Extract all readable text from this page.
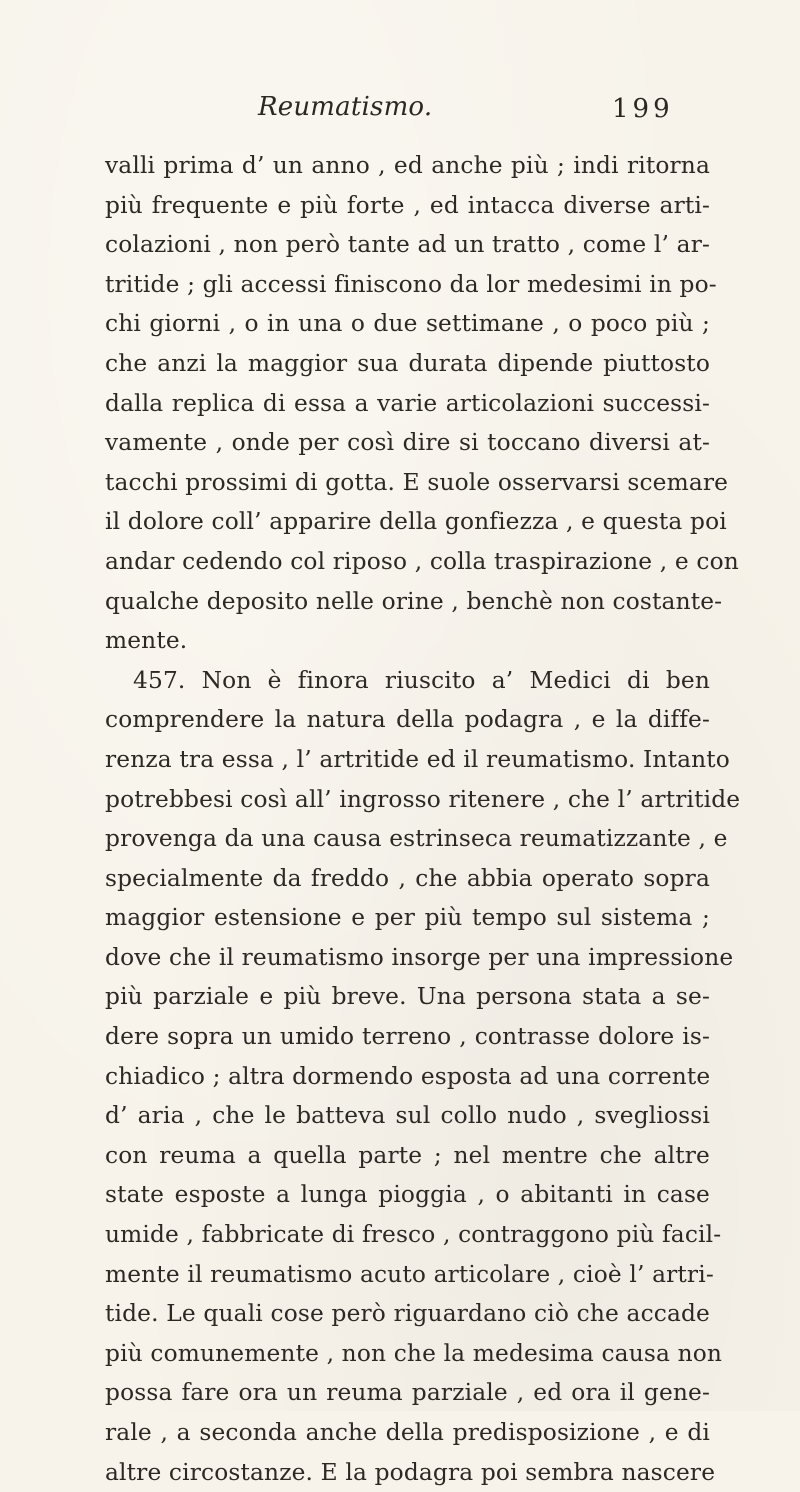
Reumatismo.	199
valli prima d’ un anno , ed anche più ; indi ritorna
più frequente e più forte , ed intacca diverse arti-
colazioni , non però tante ad un tratto , come l’ ar-
tritide ; gli accessi finiscono da lor medesimi in po-
chi giorni , o in una o due settimane , o poco più ;
che anzi la maggior sua durata dipende piuttosto
dalla replica di essa a varie articolazioni successi-
vamente , onde per così dire si toccano diversi at-
tacchi prossimi di gotta. E suole osservarsi scemare
il dolore coll’ apparire della gonfiezza , e questa poi
andar cedendo col riposo , colla traspirazione , e con
qualche deposito nelle orine , benchè non costante-
mente.
457. Non è finora riuscito a’ Medici di ben
comprendere la natura della podagra , e la diffe-
renza tra essa , l’ artritide ed il reumatismo. Intanto
potrebbesi così all’ ingrosso ritenere , che l’ artritide
provenga da una causa estrinseca reumatizzante , e
specialmente da freddo , che abbia operato sopra
maggior estensione e per più tempo sul sistema ;
dove che il reumatismo insorge per una impressione
più parziale e più breve. Una persona stata a se-
dere sopra un umido terreno , contrasse dolore is-
chiadico ; altra dormendo esposta ad una corrente
d’ aria , che le batteva sul collo nudo , svegliossi
con reuma a quella parte ; nel mentre che altre
state esposte a lunga pioggia , o abitanti in case
umide , fabbricate di fresco , contraggono più facil-
mente il reumatismo acuto articolare , cioè l’ artri-
tide. Le quali cose però riguardano ciò che accade
più comunemente , non che la medesima causa non
possa fare ora un reuma parziale , ed ora il gene-
rale , a seconda anche della predisposizione , e di
altre circostanze. E la podagra poi sembra nascere
